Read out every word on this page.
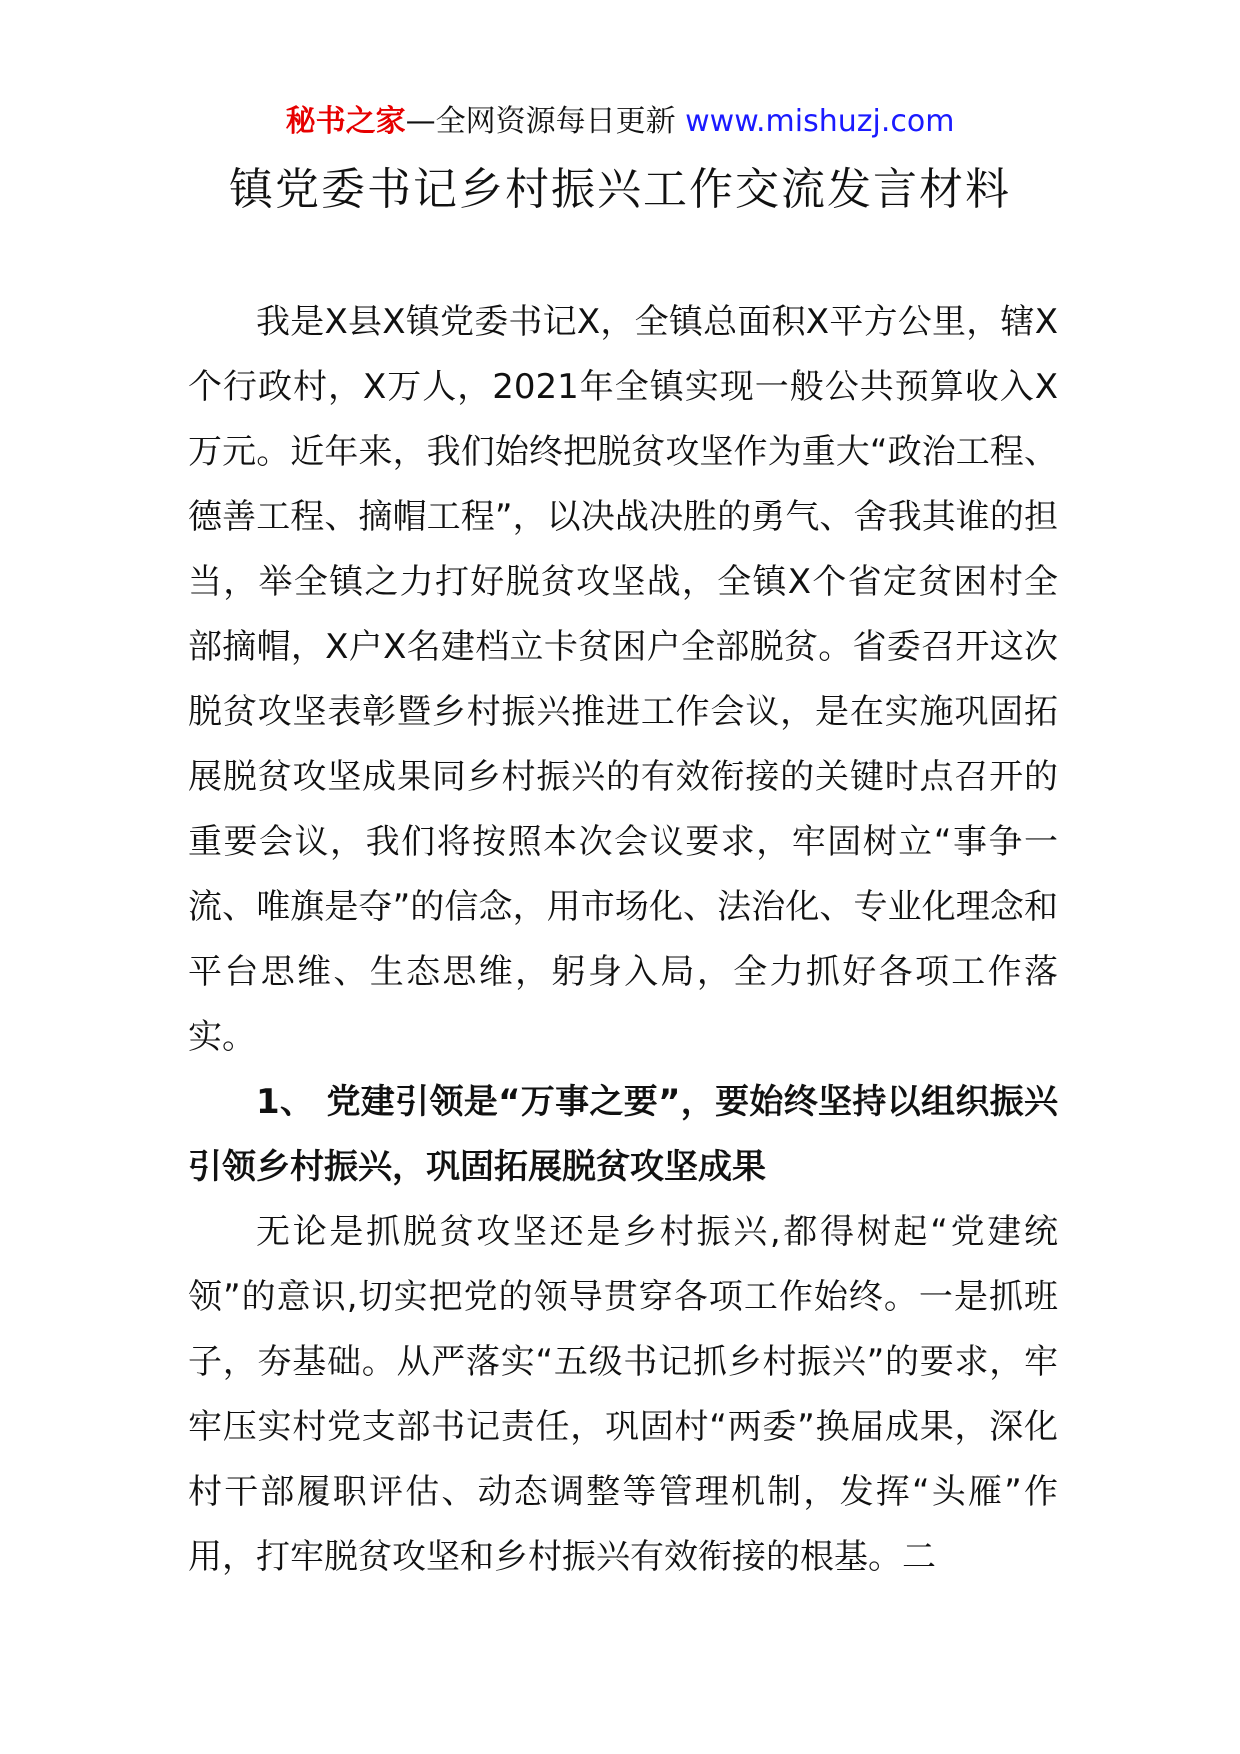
秘书之家—全网资源每日更新 www.mishuzj.com
镇党委书记乡村振兴工作交流发言材料

我是X县X镇党委书记X，全镇总面积X平方公里，辖X个行政村，X万人，2021年全镇实现一般公共预算收入X万元。近年来，我们始终把脱贫攻坚作为重大“政治工程、德善工程、摘帽工程”，以决战决胜的勇气、舍我其谁的担当，举全镇之力打好脱贫攻坚战，全镇X个省定贫困村全部摘帽，X户X名建档立卡贫困户全部脱贫。省委召开这次脱贫攻坚表彰暨乡村振兴推进工作会议，是在实施巩固拓展脱贫攻坚成果同乡村振兴的有效衔接的关键时点召开的重要会议，我们将按照本次会议要求，牢固树立“事争一流、唯旗是夺”的信念，用市场化、法治化、专业化理念和平台思维、生态思维，躬身入局，全力抓好各项工作落实。

1、 党建引领是“万事之要”，要始终坚持以组织振兴引领乡村振兴，巩固拓展脱贫攻坚成果

无论是抓脱贫攻坚还是乡村振兴,都得树起“党建统领”的意识,切实把党的领导贯穿各项工作始终。一是抓班子，夯基础。从严落实“五级书记抓乡村振兴”的要求，牢牢压实村党支部书记责任，巩固村“两委”换届成果，深化村干部履职评估、动态调整等管理机制，发挥“头雁”作用，打牢脱贫攻坚和乡村振兴有效衔接的根基。二
